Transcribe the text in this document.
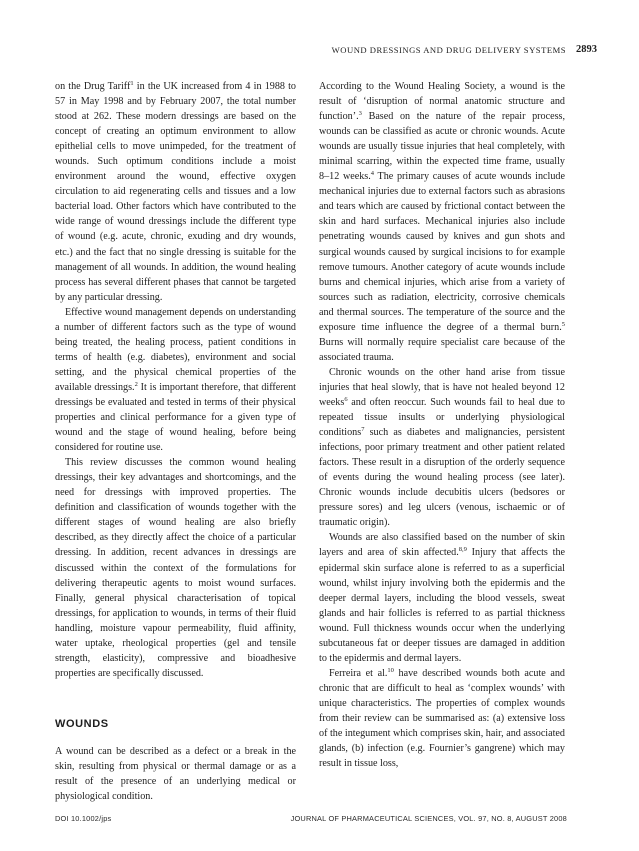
WOUND DRESSINGS AND DRUG DELIVERY SYSTEMS 2893

on the Drug Tariff$^1$ in the UK increased from 4 in 1988 to 57 in May 1998 and by February 2007, the total number stood at 262. These modern dressings are based on the concept of creating an optimum environment to allow epithelial cells to move unimpeded, for the treatment of wounds. Such optimum conditions include a moist environment around the wound, effective oxygen circulation to aid regenerating cells and tissues and a low bacterial load. Other factors which have contributed to the wide range of wound dressings include the different type of wound (e.g. acute, chronic, exuding and dry wounds, etc.) and the fact that no single dressing is suitable for the management of all wounds. In addition, the wound healing process has several different phases that cannot be targeted by any particular dressing.

Effective wound management depends on understanding a number of different factors such as the type of wound being treated, the healing process, patient conditions in terms of health (e.g. diabetes), environment and social setting, and the physical chemical properties of the available dressings.$^2$ It is important therefore, that different dressings be evaluated and tested in terms of their physical properties and clinical performance for a given type of wound and the stage of wound healing, before being considered for routine use.

This review discusses the common wound healing dressings, their key advantages and shortcomings, and the need for dressings with improved properties. The definition and classification of wounds together with the different stages of wound healing are also briefly described, as they directly affect the choice of a particular dressing. In addition, recent advances in dressings are discussed within the context of the formulations for delivering therapeutic agents to moist wound surfaces. Finally, general physical characterisation of topical dressings, for application to wounds, in terms of their fluid handling, moisture vapour permeability, fluid affinity, water uptake, rheological properties (gel and tensile strength, elasticity), compressive and bioadhesive properties are specifically discussed.

WOUNDS

A wound can be described as a defect or a break in the skin, resulting from physical or thermal damage or as a result of the presence of an underlying medical or physiological condition.

According to the Wound Healing Society, a wound is the result of ‘disruption of normal anatomic structure and function’.$^3$ Based on the nature of the repair process, wounds can be classified as acute or chronic wounds. Acute wounds are usually tissue injuries that heal completely, with minimal scarring, within the expected time frame, usually 8–12 weeks.$^4$ The primary causes of acute wounds include mechanical injuries due to external factors such as abrasions and tears which are caused by frictional contact between the skin and hard surfaces. Mechanical injuries also include penetrating wounds caused by knives and gun shots and surgical wounds caused by surgical incisions to for example remove tumours. Another category of acute wounds include burns and chemical injuries, which arise from a variety of sources such as radiation, electricity, corrosive chemicals and thermal sources. The temperature of the source and the exposure time influence the degree of a thermal burn.$^5$ Burns will normally require specialist care because of the associated trauma.

Chronic wounds on the other hand arise from tissue injuries that heal slowly, that is have not healed beyond 12 weeks$^6$ and often reoccur. Such wounds fail to heal due to repeated tissue insults or underlying physiological conditions$^7$ such as diabetes and malignancies, persistent infections, poor primary treatment and other patient related factors. These result in a disruption of the orderly sequence of events during the wound healing process (see later). Chronic wounds include decubitis ulcers (bedsores or pressure sores) and leg ulcers (venous, ischaemic or of traumatic origin).

Wounds are also classified based on the number of skin layers and area of skin affected.$^{8,9}$ Injury that affects the epidermal skin surface alone is referred to as a superficial wound, whilst injury involving both the epidermis and the deeper dermal layers, including the blood vessels, sweat glands and hair follicles is referred to as partial thickness wound. Full thickness wounds occur when the underlying subcutaneous fat or deeper tissues are damaged in addition to the epidermis and dermal layers.

Ferreira et al.$^{10}$ have described wounds both acute and chronic that are difficult to heal as ‘complex wounds’ with unique characteristics. The properties of complex wounds from their review can be summarised as: (a) extensive loss of the integument which comprises skin, hair, and associated glands, (b) infection (e.g. Fournier’s gangrene) which may result in tissue loss,

DOI 10.1002/jps	JOURNAL OF PHARMACEUTICAL SCIENCES, VOL. 97, NO. 8, AUGUST 2008
